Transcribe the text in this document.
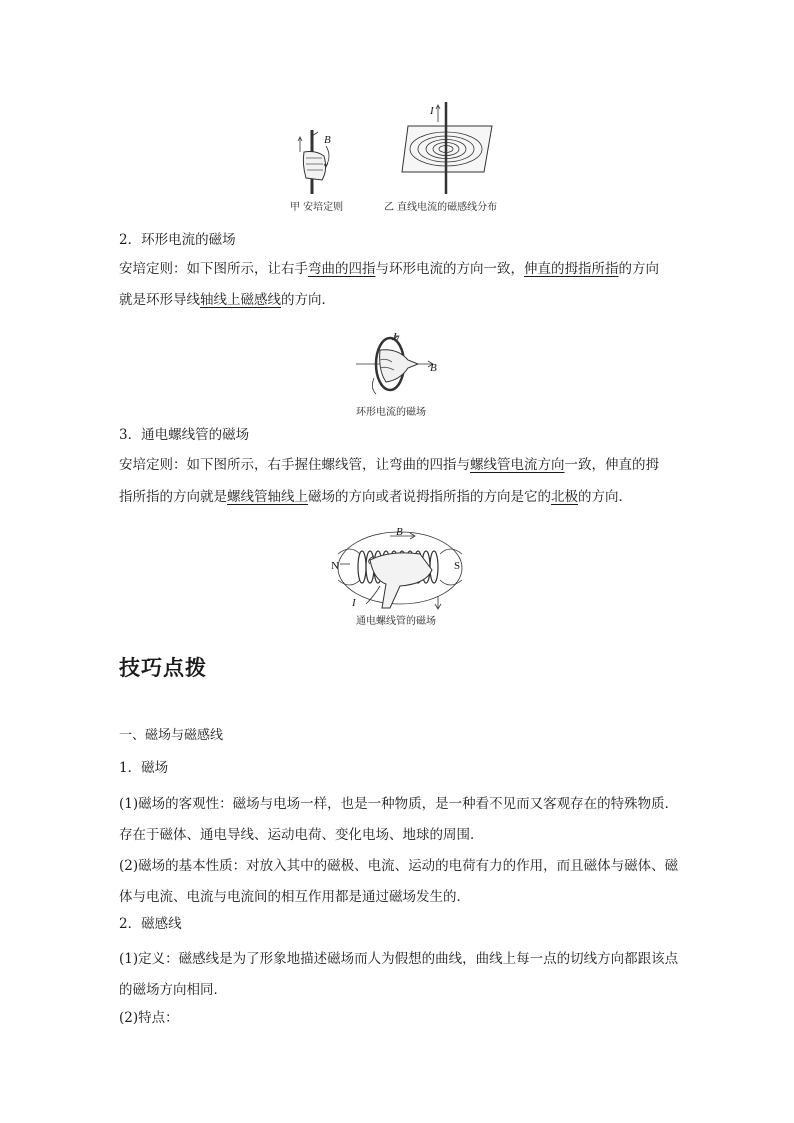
B
I
甲 安培定则	乙 直线电流的磁感线分布
2．环形电流的磁场
安培定则：如下图所示，让右手弯曲的四指与环形电流的方向一致，伸直的拇指所指的方向
就是环形导线轴线上磁感线的方向．
I
B
环形电流的磁场
3．通电螺线管的磁场
安培定则：如下图所示，右手握住螺线管，让弯曲的四指与螺线管电流方向一致，伸直的拇
指所指的方向就是螺线管轴线上磁场的方向或者说拇指所指的方向是它的北极的方向．
B
N	S
I
通电螺线管的磁场
技巧点拨
一、磁场与磁感线
1．磁场
(1)磁场的客观性：磁场与电场一样，也是一种物质，是一种看不见而又客观存在的特殊物质．存在于磁体、通电导线、运动电荷、变化电场、地球的周围．
(2)磁场的基本性质：对放入其中的磁极、电流、运动的电荷有力的作用，而且磁体与磁体、磁体与电流、电流与电流间的相互作用都是通过磁场发生的．
2．磁感线
(1)定义：磁感线是为了形象地描述磁场而人为假想的曲线，曲线上每一点的切线方向都跟该点的磁场方向相同．
(2)特点：
